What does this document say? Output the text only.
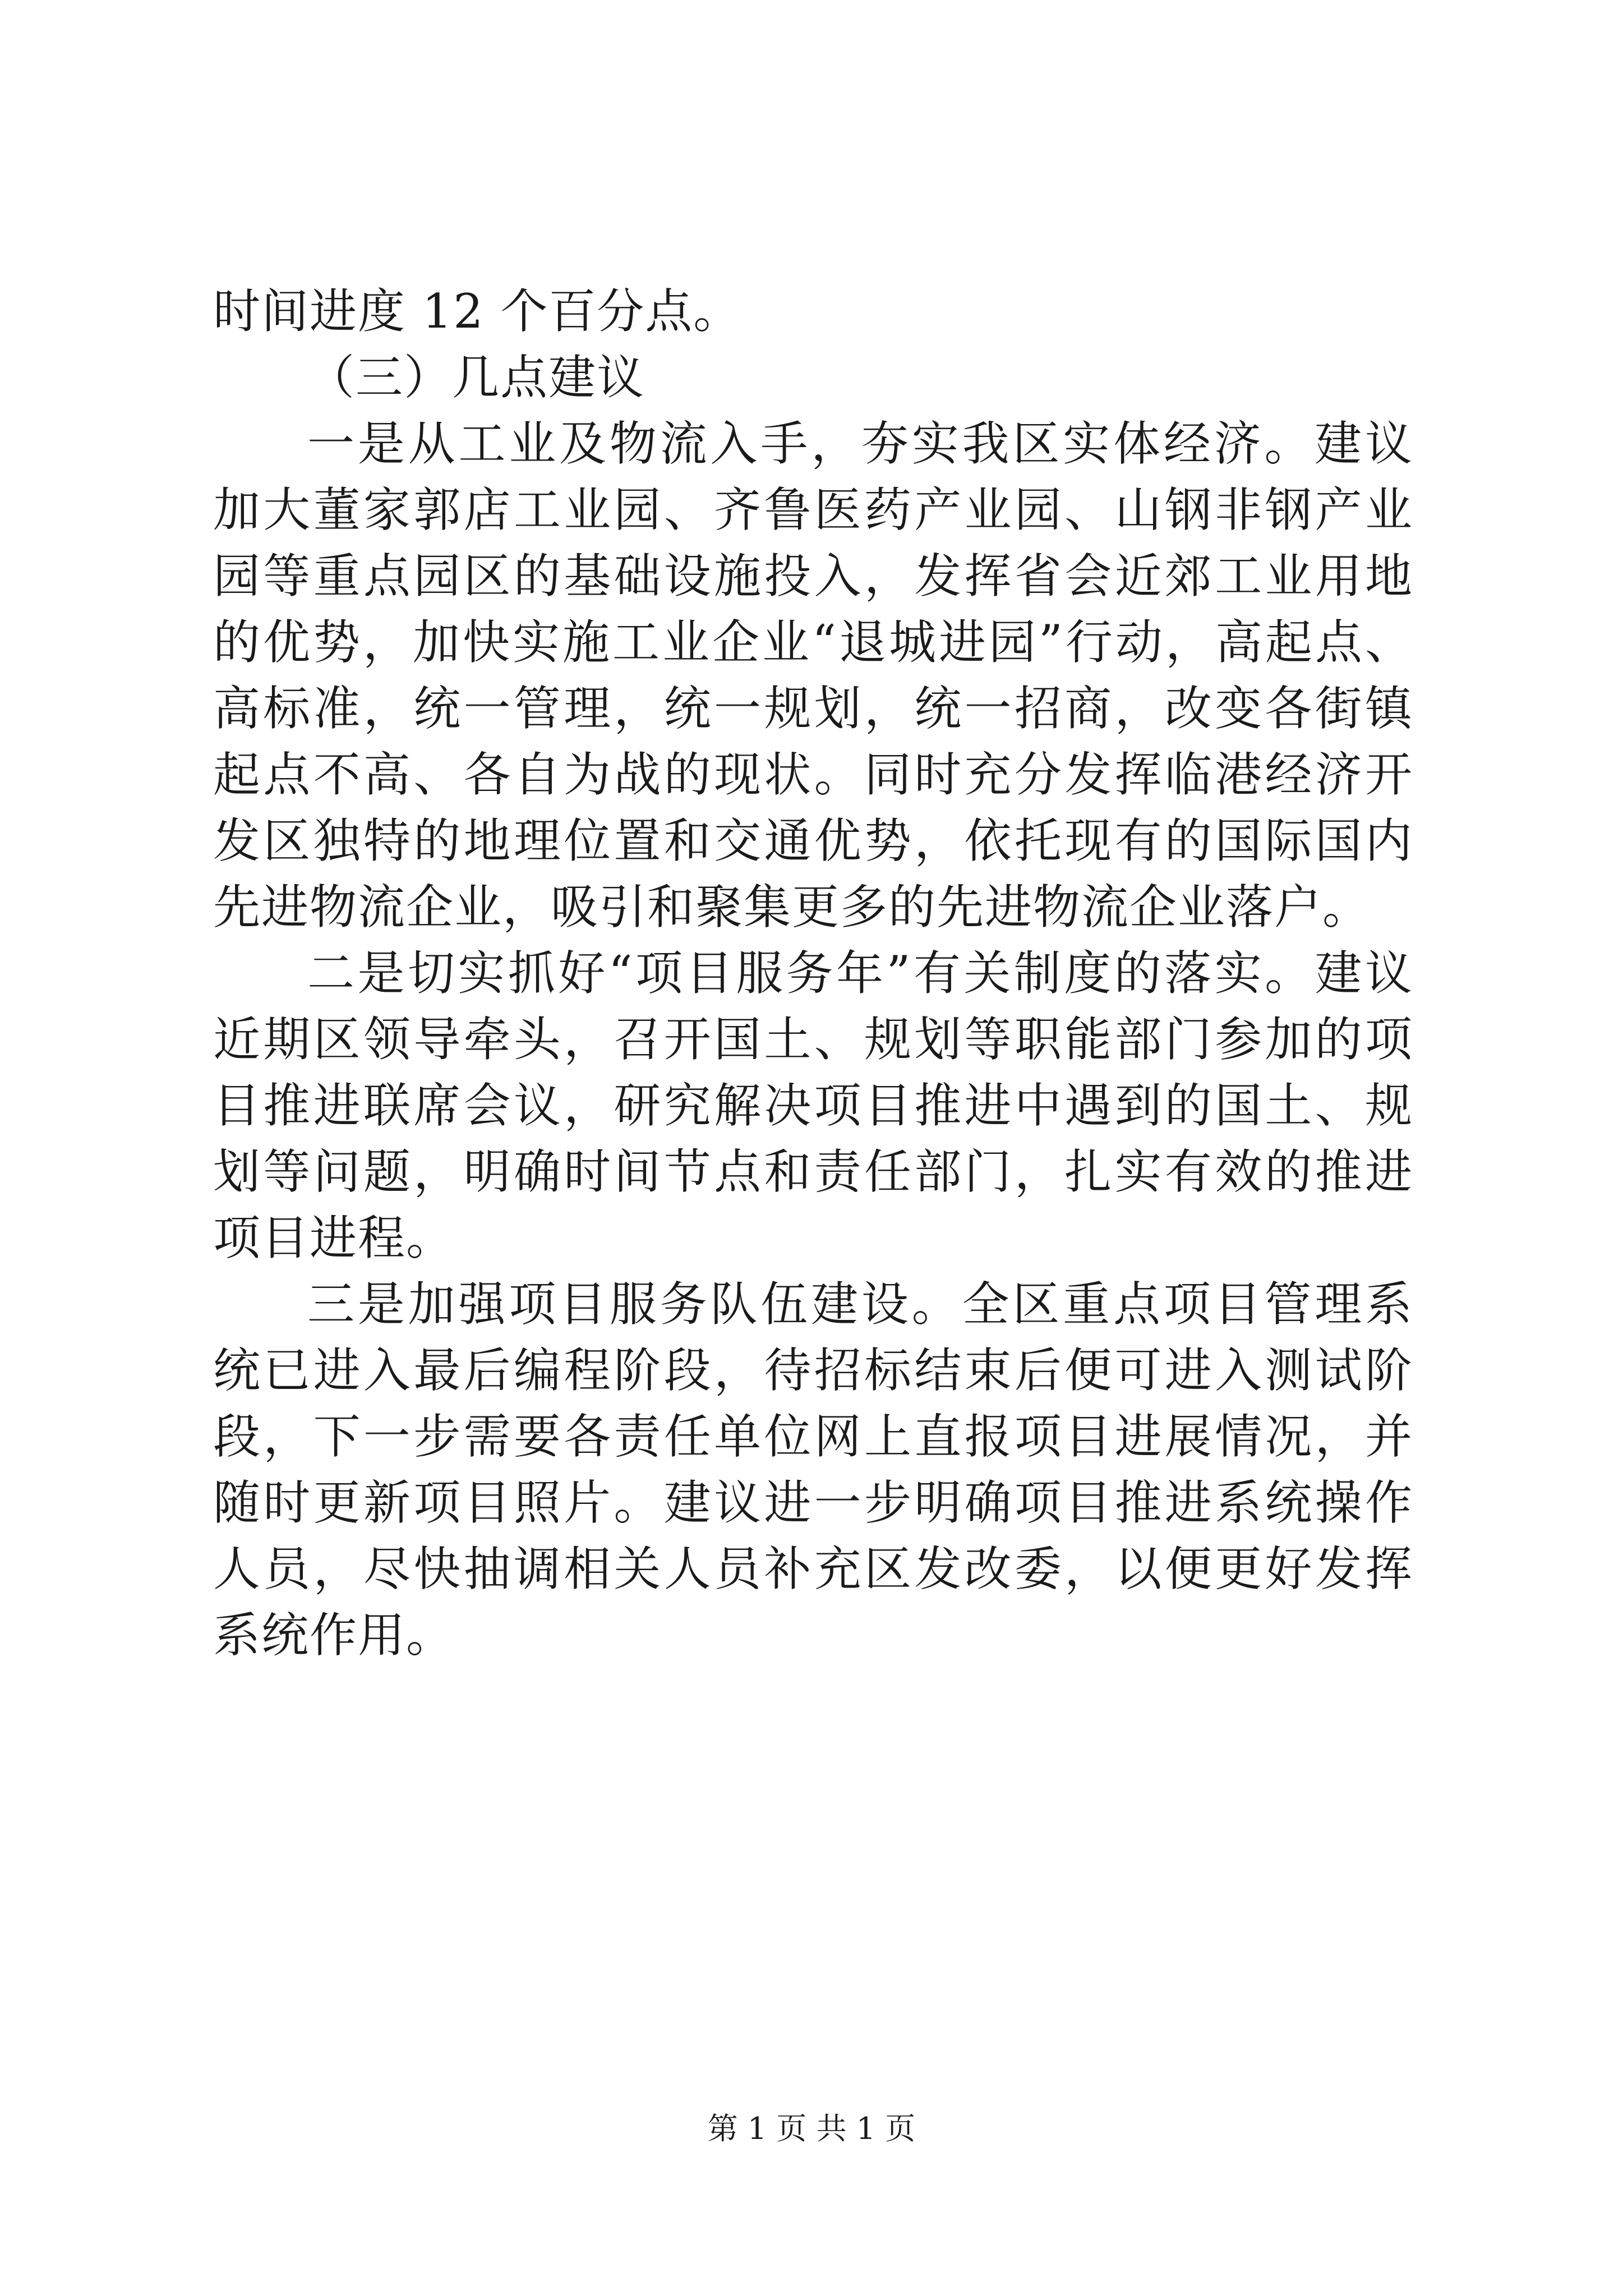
时间进度 12 个百分点。

（三）几点建议

一是从工业及物流入手，夯实我区实体经济。建议加大董家郭店工业园、齐鲁医药产业园、山钢非钢产业园等重点园区的基础设施投入，发挥省会近郊工业用地的优势，加快实施工业企业“退城进园”行动，高起点、高标准，统一管理，统一规划，统一招商，改变各街镇起点不高、各自为战的现状。同时充分发挥临港经济开发区独特的地理位置和交通优势，依托现有的国际国内先进物流企业，吸引和聚集更多的先进物流企业落户。

二是切实抓好“项目服务年”有关制度的落实。建议近期区领导牵头，召开国土、规划等职能部门参加的项目推进联席会议，研究解决项目推进中遇到的国土、规划等问题，明确时间节点和责任部门，扎实有效的推进项目进程。

三是加强项目服务队伍建设。全区重点项目管理系统已进入最后编程阶段，待招标结束后便可进入测试阶段，下一步需要各责任单位网上直报项目进展情况，并随时更新项目照片。建议进一步明确项目推进系统操作人员，尽快抽调相关人员补充区发改委，以便更好发挥系统作用。

第 1 页 共 1 页
